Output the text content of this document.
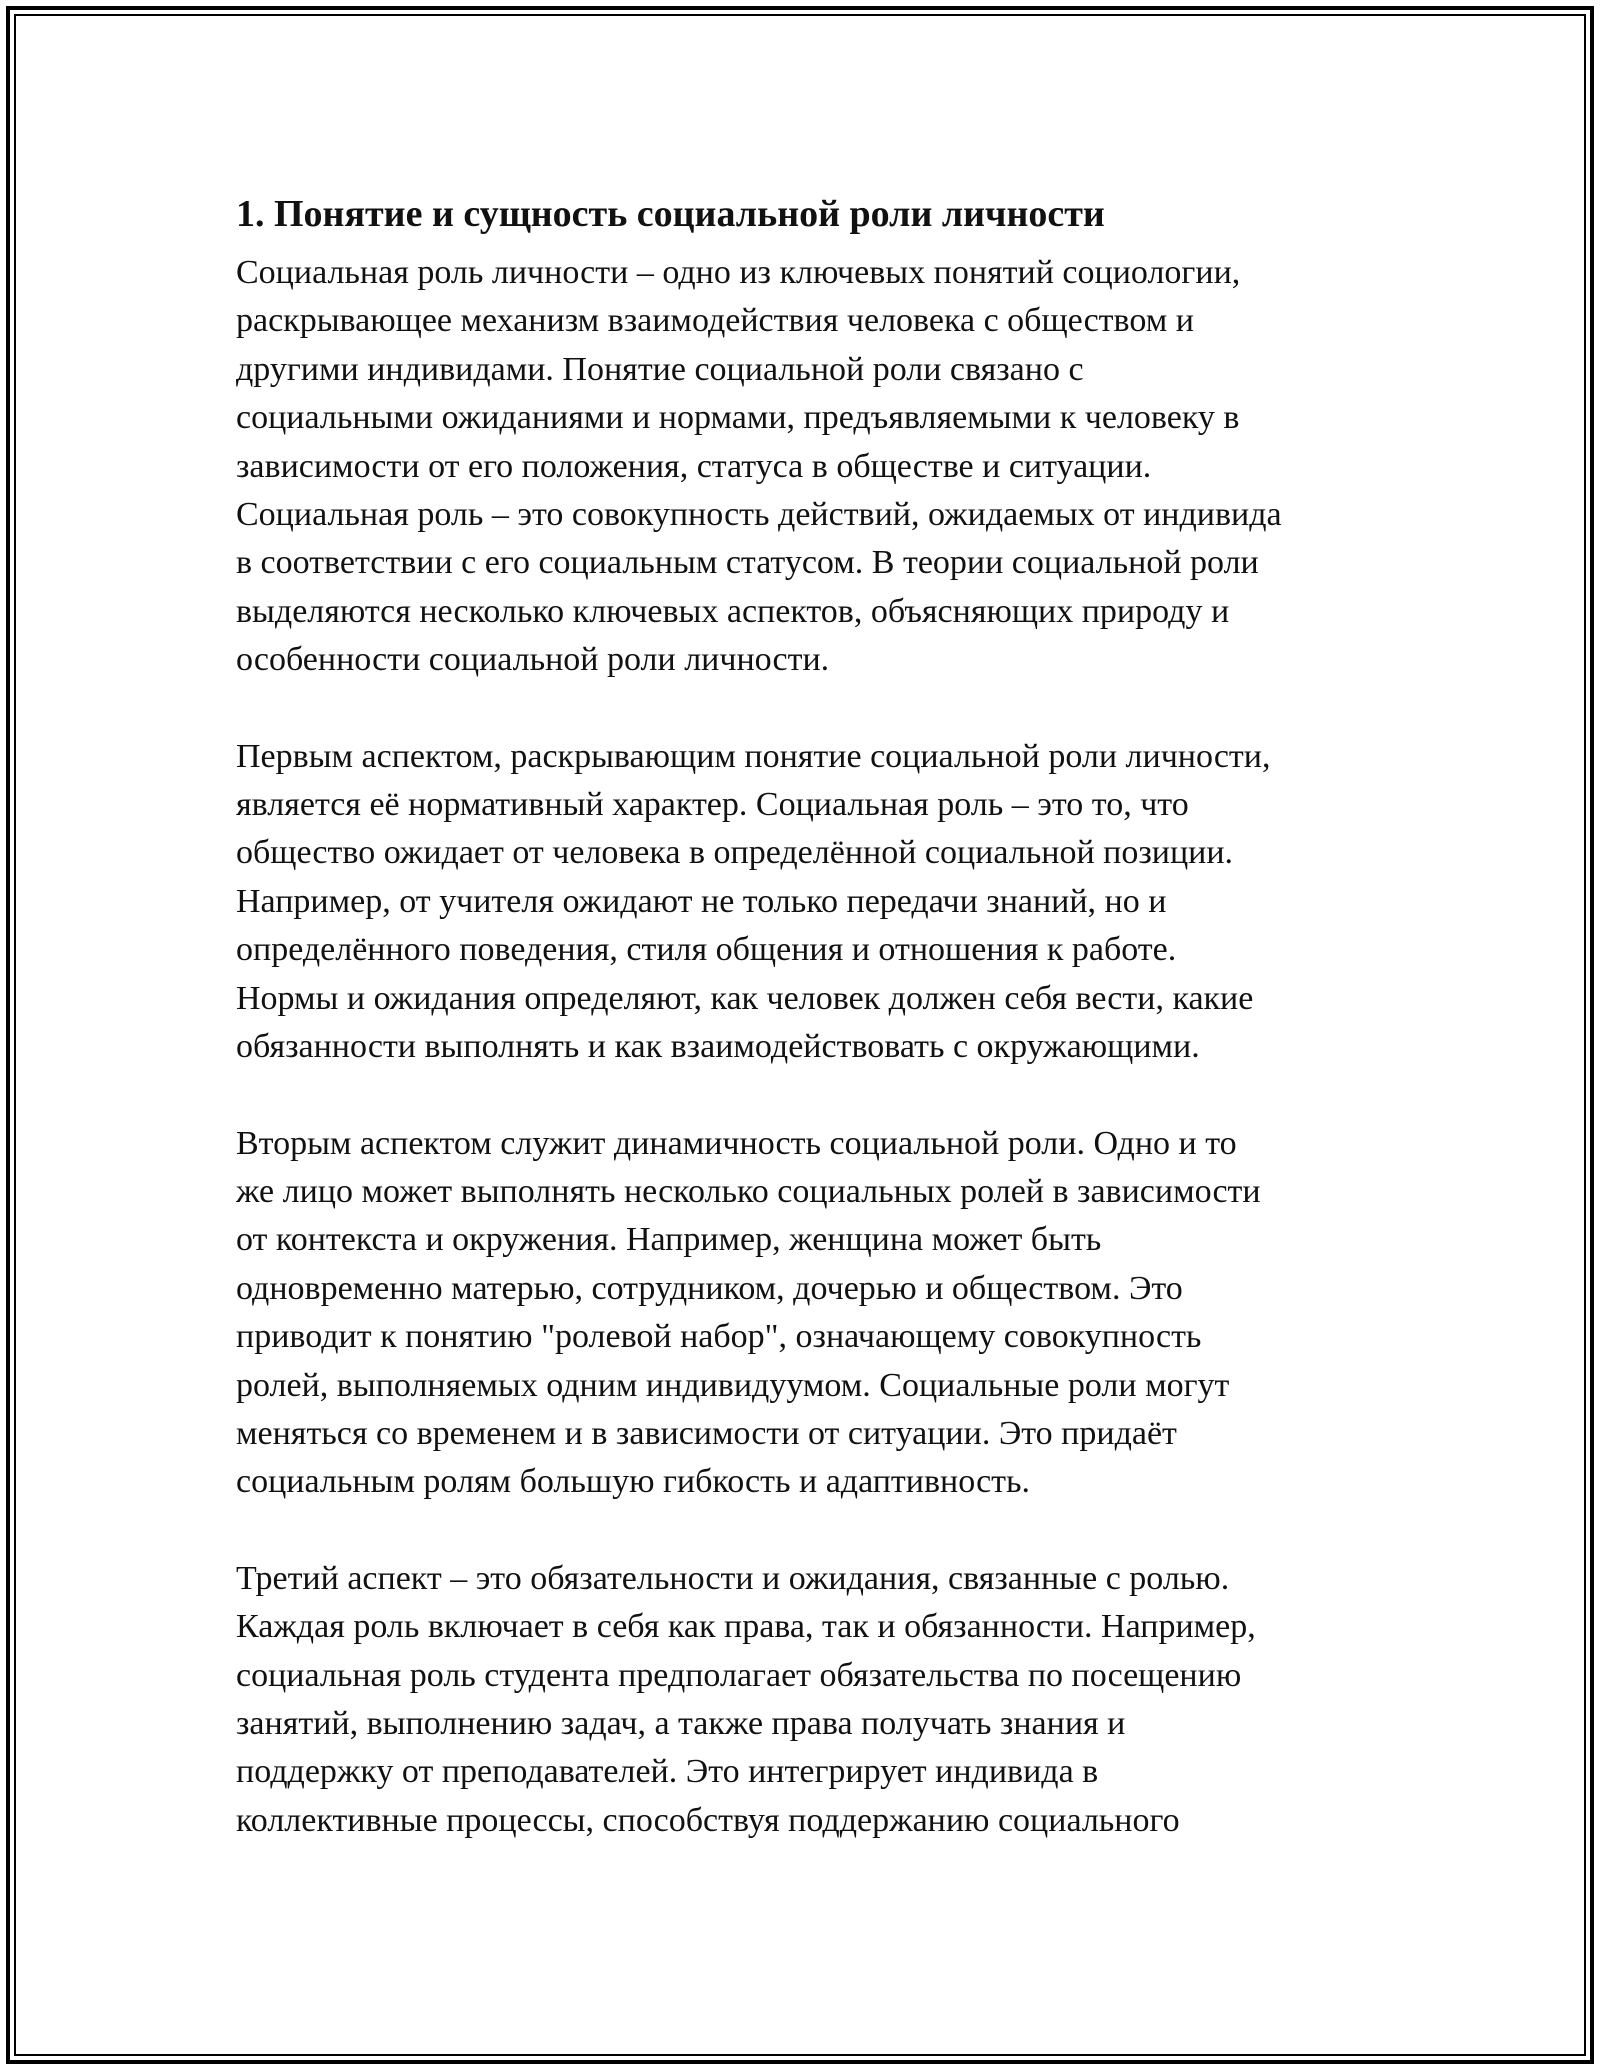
1. Понятие и сущность социальной роли личности

Социальная роль личности – одно из ключевых понятий социологии,
раскрывающее механизм взаимодействия человека с обществом и
другими индивидами. Понятие социальной роли связано с
социальными ожиданиями и нормами, предъявляемыми к человеку в
зависимости от его положения, статуса в обществе и ситуации.
Социальная роль – это совокупность действий, ожидаемых от индивида
в соответствии с его социальным статусом. В теории социальной роли
выделяются несколько ключевых аспектов, объясняющих природу и
особенности социальной роли личности.

Первым аспектом, раскрывающим понятие социальной роли личности,
является её нормативный характер. Социальная роль – это то, что
общество ожидает от человека в определённой социальной позиции.
Например, от учителя ожидают не только передачи знаний, но и
определённого поведения, стиля общения и отношения к работе.
Нормы и ожидания определяют, как человек должен себя вести, какие
обязанности выполнять и как взаимодействовать с окружающими.

Вторым аспектом служит динамичность социальной роли. Одно и то
же лицо может выполнять несколько социальных ролей в зависимости
от контекста и окружения. Например, женщина может быть
одновременно матерью, сотрудником, дочерью и обществом. Это
приводит к понятию "ролевой набор", означающему совокупность
ролей, выполняемых одним индивидуумом. Социальные роли могут
меняться со временем и в зависимости от ситуации. Это придаёт
социальным ролям большую гибкость и адаптивность.

Третий аспект – это обязательности и ожидания, связанные с ролью.
Каждая роль включает в себя как права, так и обязанности. Например,
социальная роль студента предполагает обязательства по посещению
занятий, выполнению задач, а также права получать знания и
поддержку от преподавателей. Это интегрирует индивида в
коллективные процессы, способствуя поддержанию социального
